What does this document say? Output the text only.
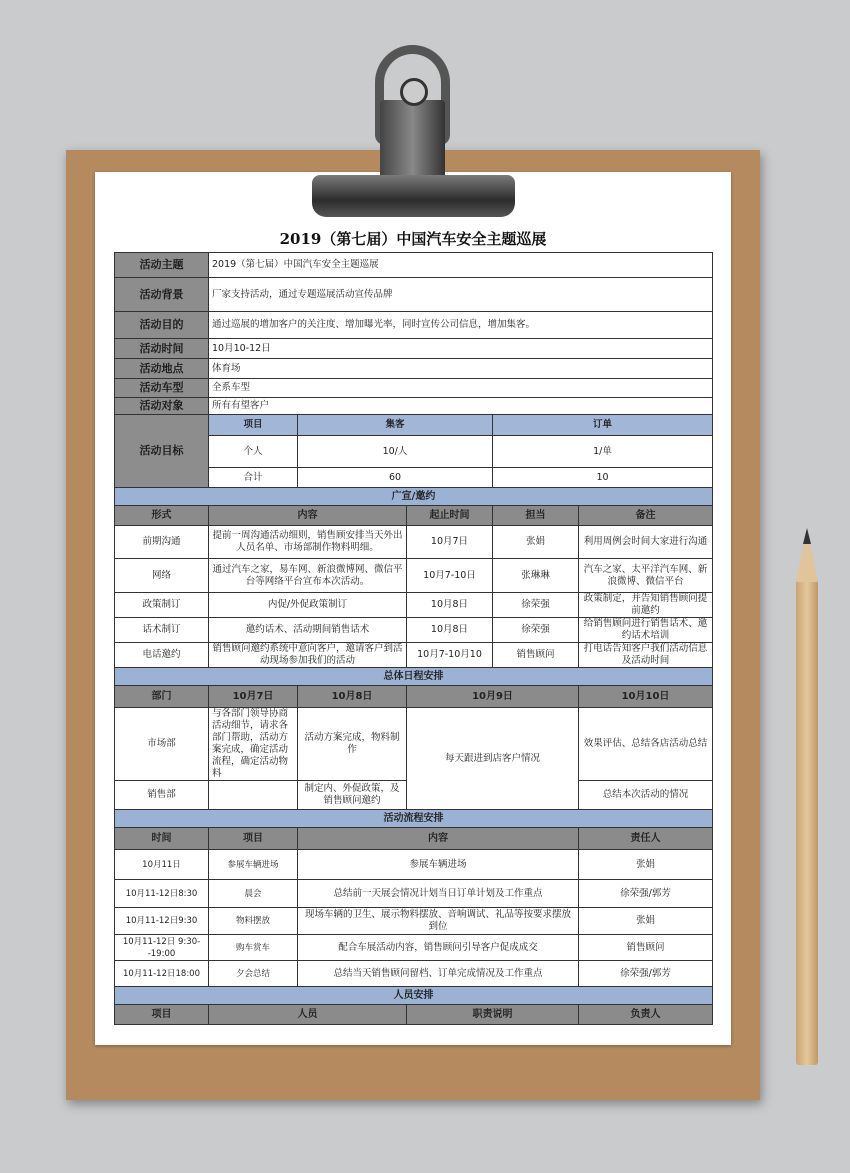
2019（第七届）中国汽车安全主题巡展
活动主题	2019（第七届）中国汽车安全主题巡展				
活动背景	厂家支持活动，通过专题巡展活动宣传品牌				
活动目的	通过巡展的增加客户的关注度、增加曝光率，同时宣传公司信息，增加集客。				
活动时间	10月10-12日				
活动地点	体育场				
活动车型	全系车型				
活动对象	所有有望客户				
活动目标	项目	集客		订单	
	个人	10/人		1/单	
	合计	60		10	
广宣/邀约					
形式	内容		起止时间	担当	备注
前期沟通	提前一周沟通活动细则，销售顾安排当天外出人员名单、市场部制作物料明细。		10月7日	张娟	利用周例会时间大家进行沟通
网络	通过汽车之家，易车网、新浪微博网、微信平台等网络平台宣布本次活动。		10月7-10日	张琳琳	汽车之家、太平洋汽车网、新浪微博、微信平台
政策制订	内促/外促政策制订		10月8日	徐荣强	政策制定，并告知销售顾问提前邀约
话术制订	邀约话术、活动期间销售话术		10月8日	徐荣强	给销售顾问进行销售话术、邀约话术培训
电话邀约	销售顾问邀约系统中意向客户，邀请客户到活动现场参加我们的活动		10月7-10月10	销售顾问	打电话告知客户我们活动信息及活动时间
总体日程安排					
部门	10月7日	10月8日	10月9日		10月10日
市场部	与各部门领导协商活动细节，请求各部门帮助，活动方案完成，确定活动流程，确定活动物料	活动方案完成，物料制作	每天跟进到店客户情况		效果评估、总结各店活动总结
销售部		制定内、外促政策，及销售顾问邀约			总结本次活动的情况
活动流程安排					
时间	项目	内容			责任人
10月11日	参展车辆进场	参展车辆进场			张娟
10月11-12日8:30	晨会	总结前一天展会情况计划当日订单计划及工作重点			徐荣强/郭芳
10月11-12日9:30	物料摆放	现场车辆的卫生、展示物料摆放、音响调试、礼品等按要求摆放到位			张娟
10月11-12日 9:30--19:00	购车赏车	配合车展活动内容，销售顾问引导客户促成成交			销售顾问
10月11-12日18:00	夕会总结	总结当天销售顾问留档、订单完成情况及工作重点			徐荣强/郭芳
人员安排					
项目	人员		职责说明		负责人
